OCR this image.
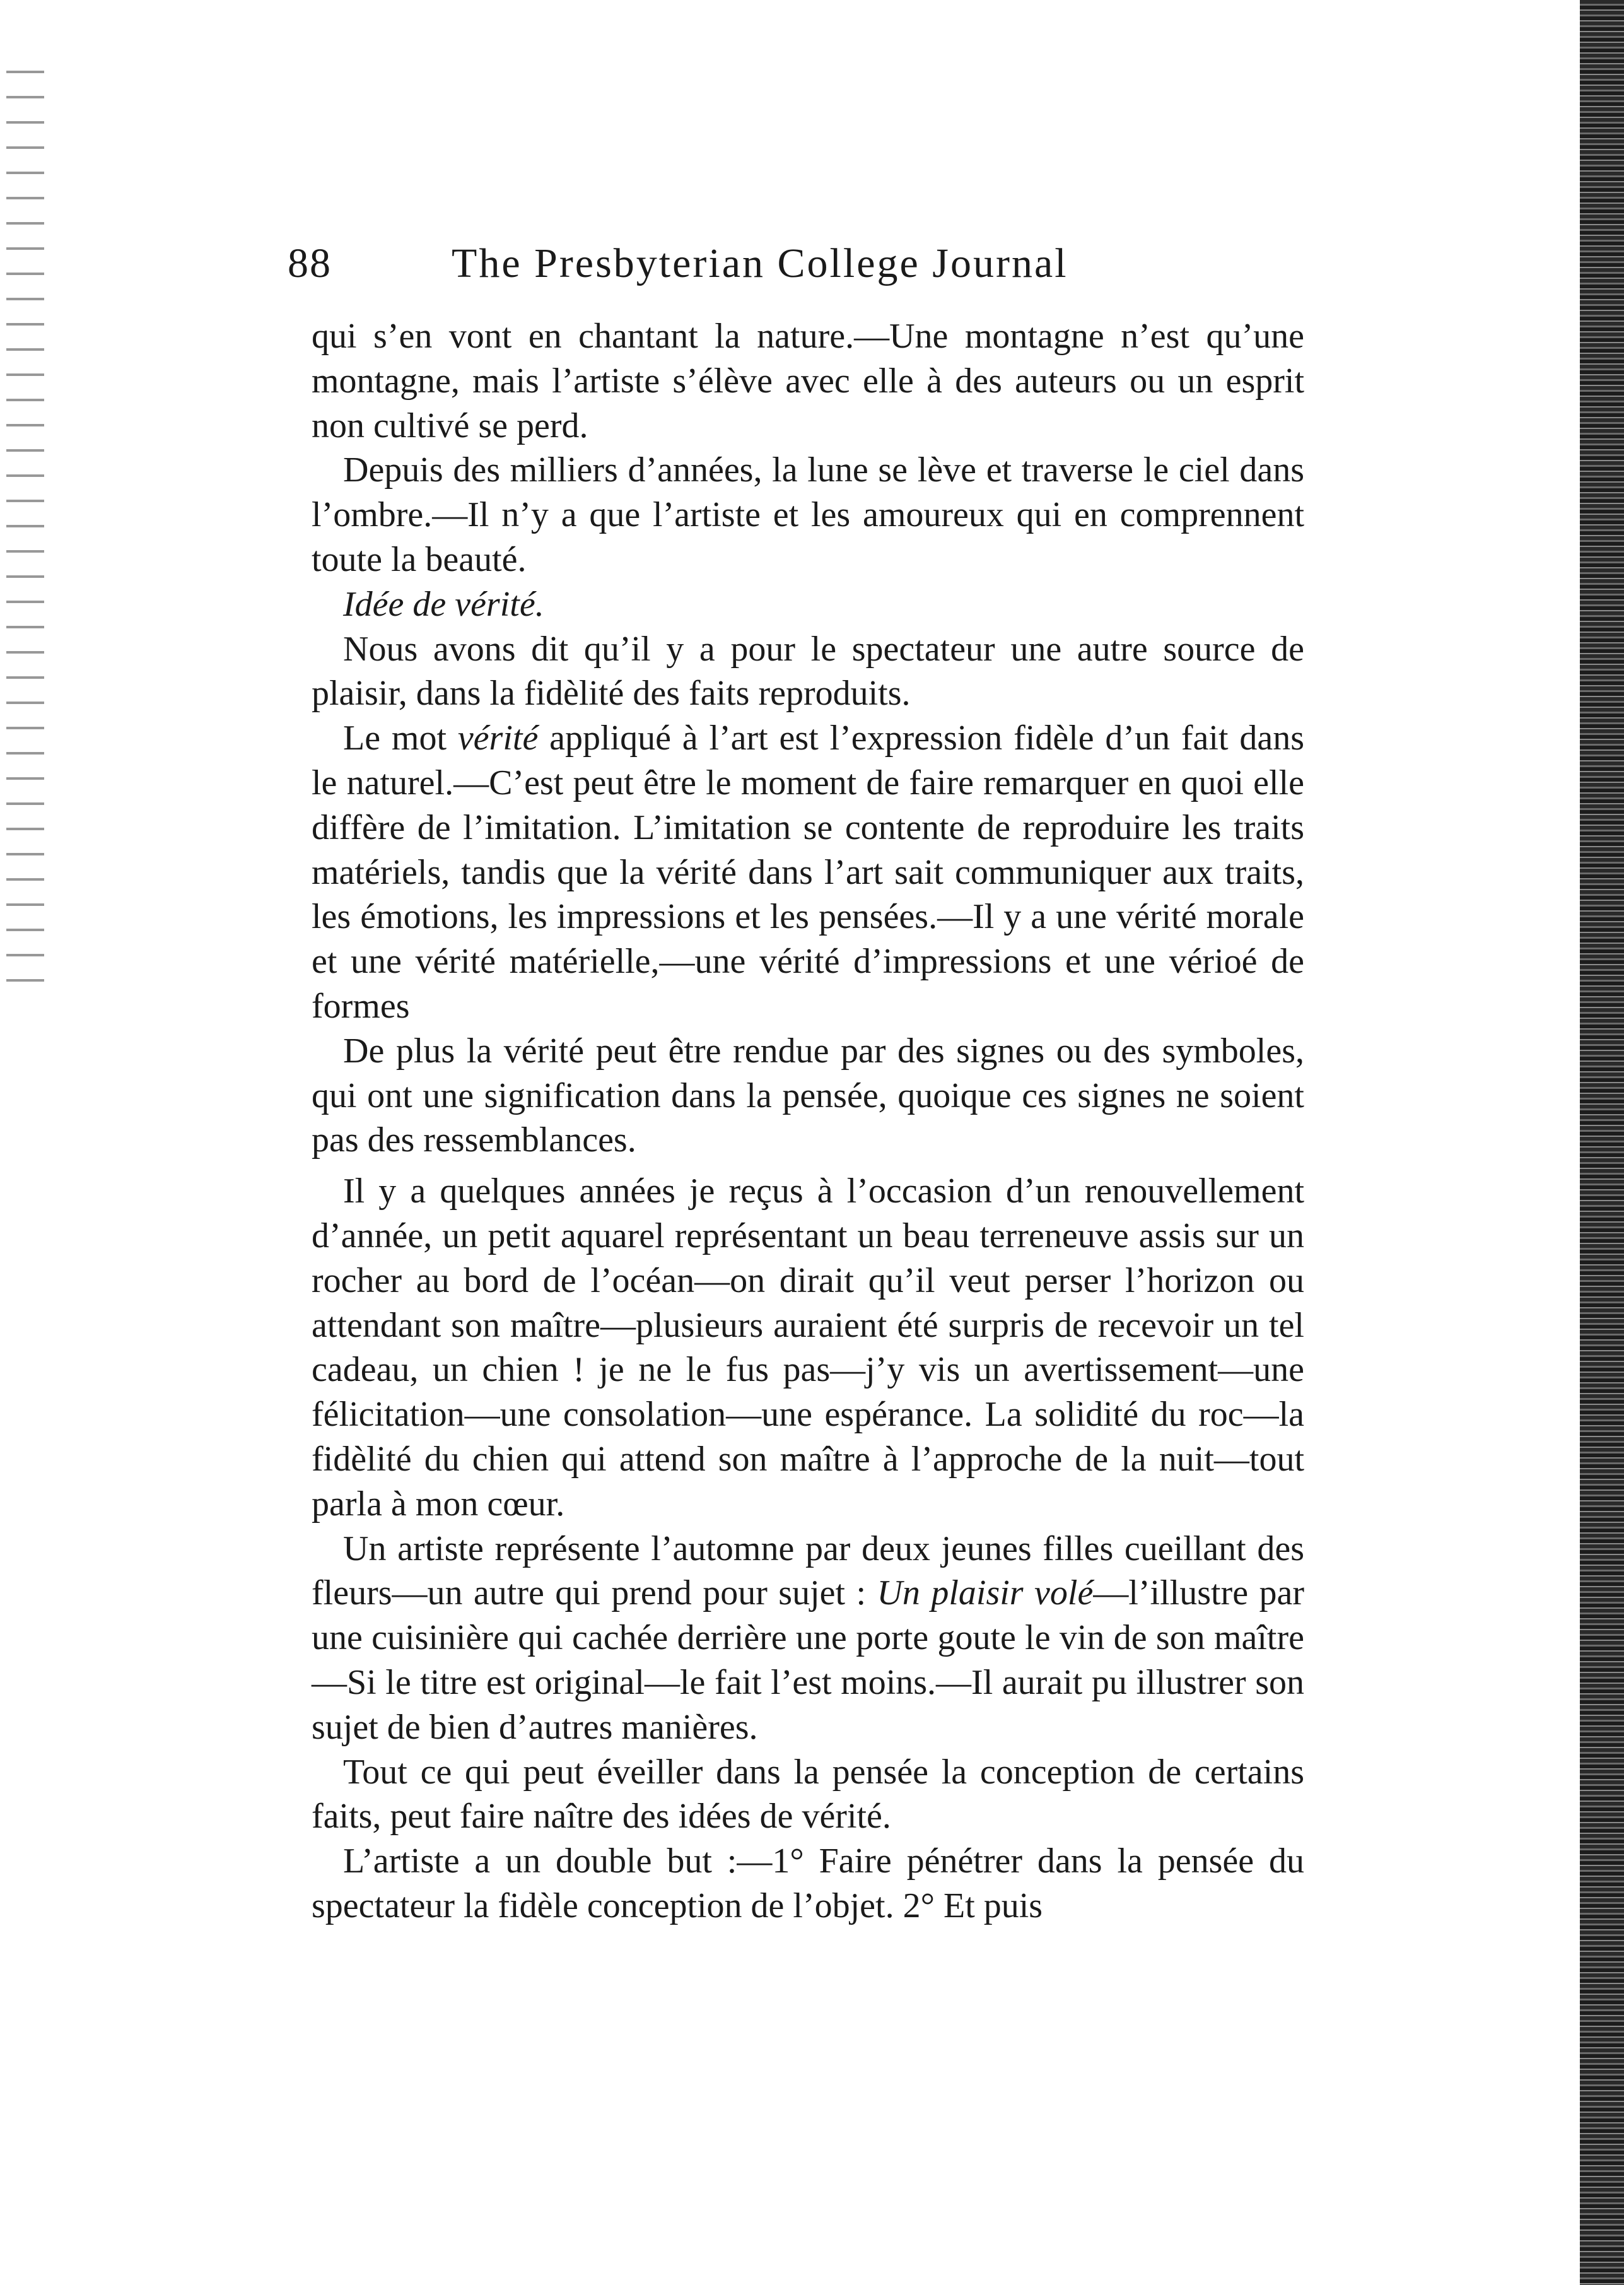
88	The Presbyterian College Journal

qui s’en vont en chantant la nature.—Une montagne n’est qu’une montagne, mais l’artiste s’élève avec elle à des auteurs ou un esprit non cultivé se perd.

Depuis des milliers d’années, la lune se lève et traverse le ciel dans l’ombre.—Il n’y a que l’artiste et les amoureux qui en comprennent toute la beauté.

Idée de vérité.

Nous avons dit qu’il y a pour le spectateur une autre source de plaisir, dans la fidèlité des faits reproduits.

Le mot vérité appliqué à l’art est l’expression fidèle d’un fait dans le naturel.—C’est peut être le moment de faire remarquer en quoi elle diffère de l’imitation. L’imitation se contente de reproduire les traits matériels, tandis que la vérité dans l’art sait communiquer aux traits, les émotions, les impressions et les pensées.—Il y a une vérité morale et une vérité matérielle,—une vérité d’impressions et une vérioé de formes

De plus la vérité peut être rendue par des signes ou des symboles, qui ont une signification dans la pensée, quoique ces signes ne soient pas des ressemblances.

Il y a quelques années je reçus à l’occasion d’un renouvellement d’année, un petit aquarel représentant un beau terreneuve assis sur un rocher au bord de l’océan—on dirait qu’il veut perser l’horizon ou attendant son maître—plusieurs auraient été surpris de recevoir un tel cadeau, un chien ! je ne le fus pas—j’y vis un avertissement—une félicitation—une consolation—une espérance. La solidité du roc—la fidèlité du chien qui attend son maître à l’approche de la nuit—tout parla à mon cœur.

Un artiste représente l’automne par deux jeunes filles cueillant des fleurs—un autre qui prend pour sujet : Un plaisir volé—l’illustre par une cuisinière qui cachée derrière une porte goute le vin de son maître—Si le titre est original—le fait l’est moins.—Il aurait pu illustrer son sujet de bien d’autres manières.

Tout ce qui peut éveiller dans la pensée la conception de certains faits, peut faire naître des idées de vérité.

L’artiste a un double but :—1° Faire pénétrer dans la pensée du spectateur la fidèle conception de l’objet. 2° Et puis
